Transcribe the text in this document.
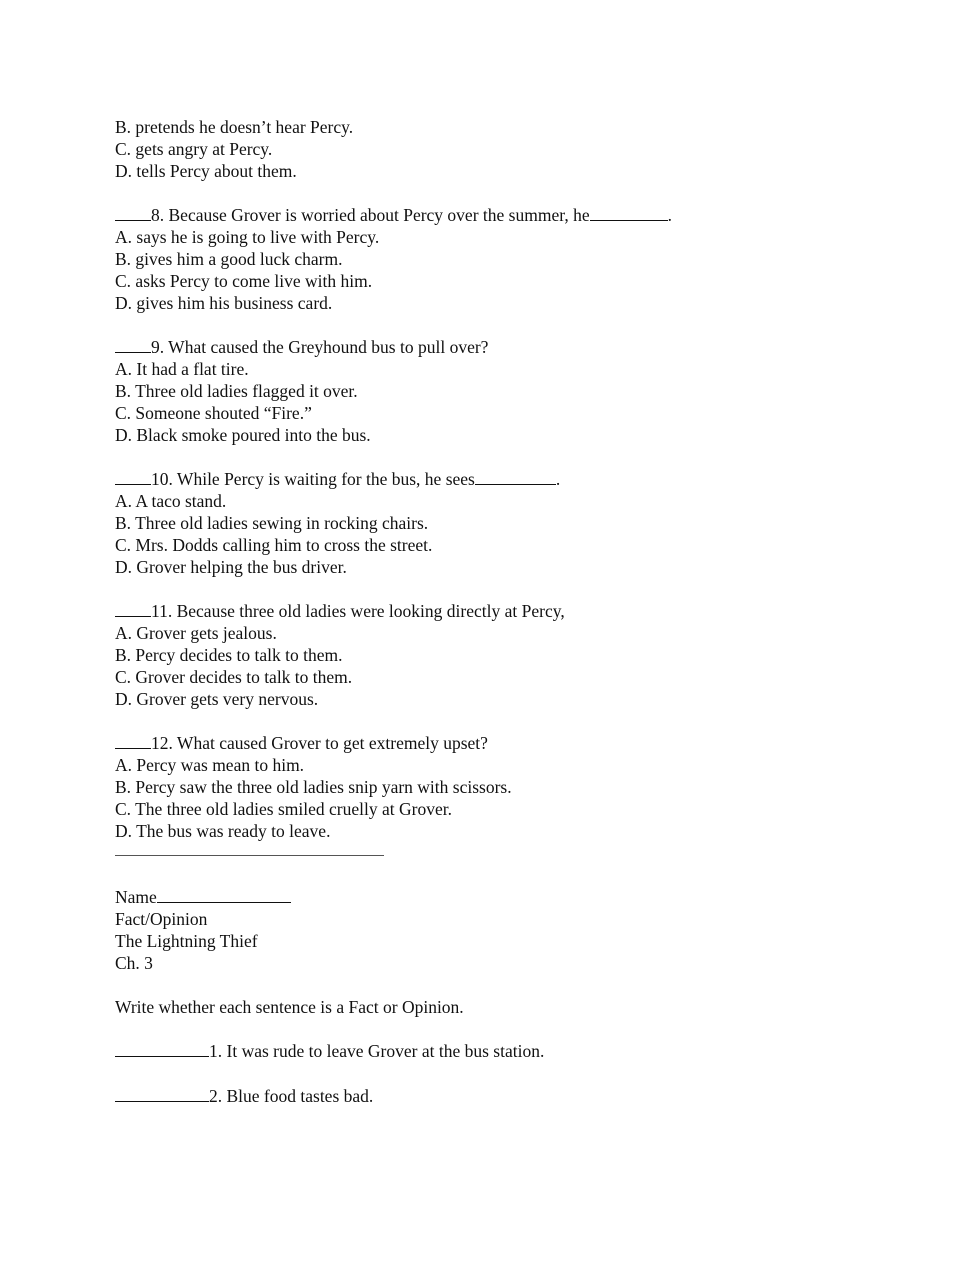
B. pretends he doesn’t hear Percy.
C. gets angry at Percy.
D. tells Percy about them.
8. Because Grover is worried about Percy over the summer, he	.
A. says he is going to live with Percy.
B. gives him a good luck charm.
C. asks Percy to come live with him.
D. gives him his business card.
9. What caused the Greyhound bus to pull over?
A. It had a flat tire.
B. Three old ladies flagged it over.
C. Someone shouted “Fire.”
D. Black smoke poured into the bus.
10. While Percy is waiting for the bus, he sees	.
A. A taco stand.
B. Three old ladies sewing in rocking chairs.
C. Mrs. Dodds calling him to cross the street.
D. Grover helping the bus driver.
11. Because three old ladies were looking directly at Percy,
A. Grover gets jealous.
B. Percy decides to talk to them.
C. Grover decides to talk to them.
D. Grover gets very nervous.
12. What caused Grover to get extremely upset?
A. Percy was mean to him.
B. Percy saw the three old ladies snip yarn with scissors.
C. The three old ladies smiled cruelly at Grover.
D. The bus was ready to leave.
Name
Fact/Opinion
The Lightning Thief
Ch. 3
Write whether each sentence is a Fact or Opinion.
1. It was rude to leave Grover at the bus station.
2. Blue food tastes bad.
